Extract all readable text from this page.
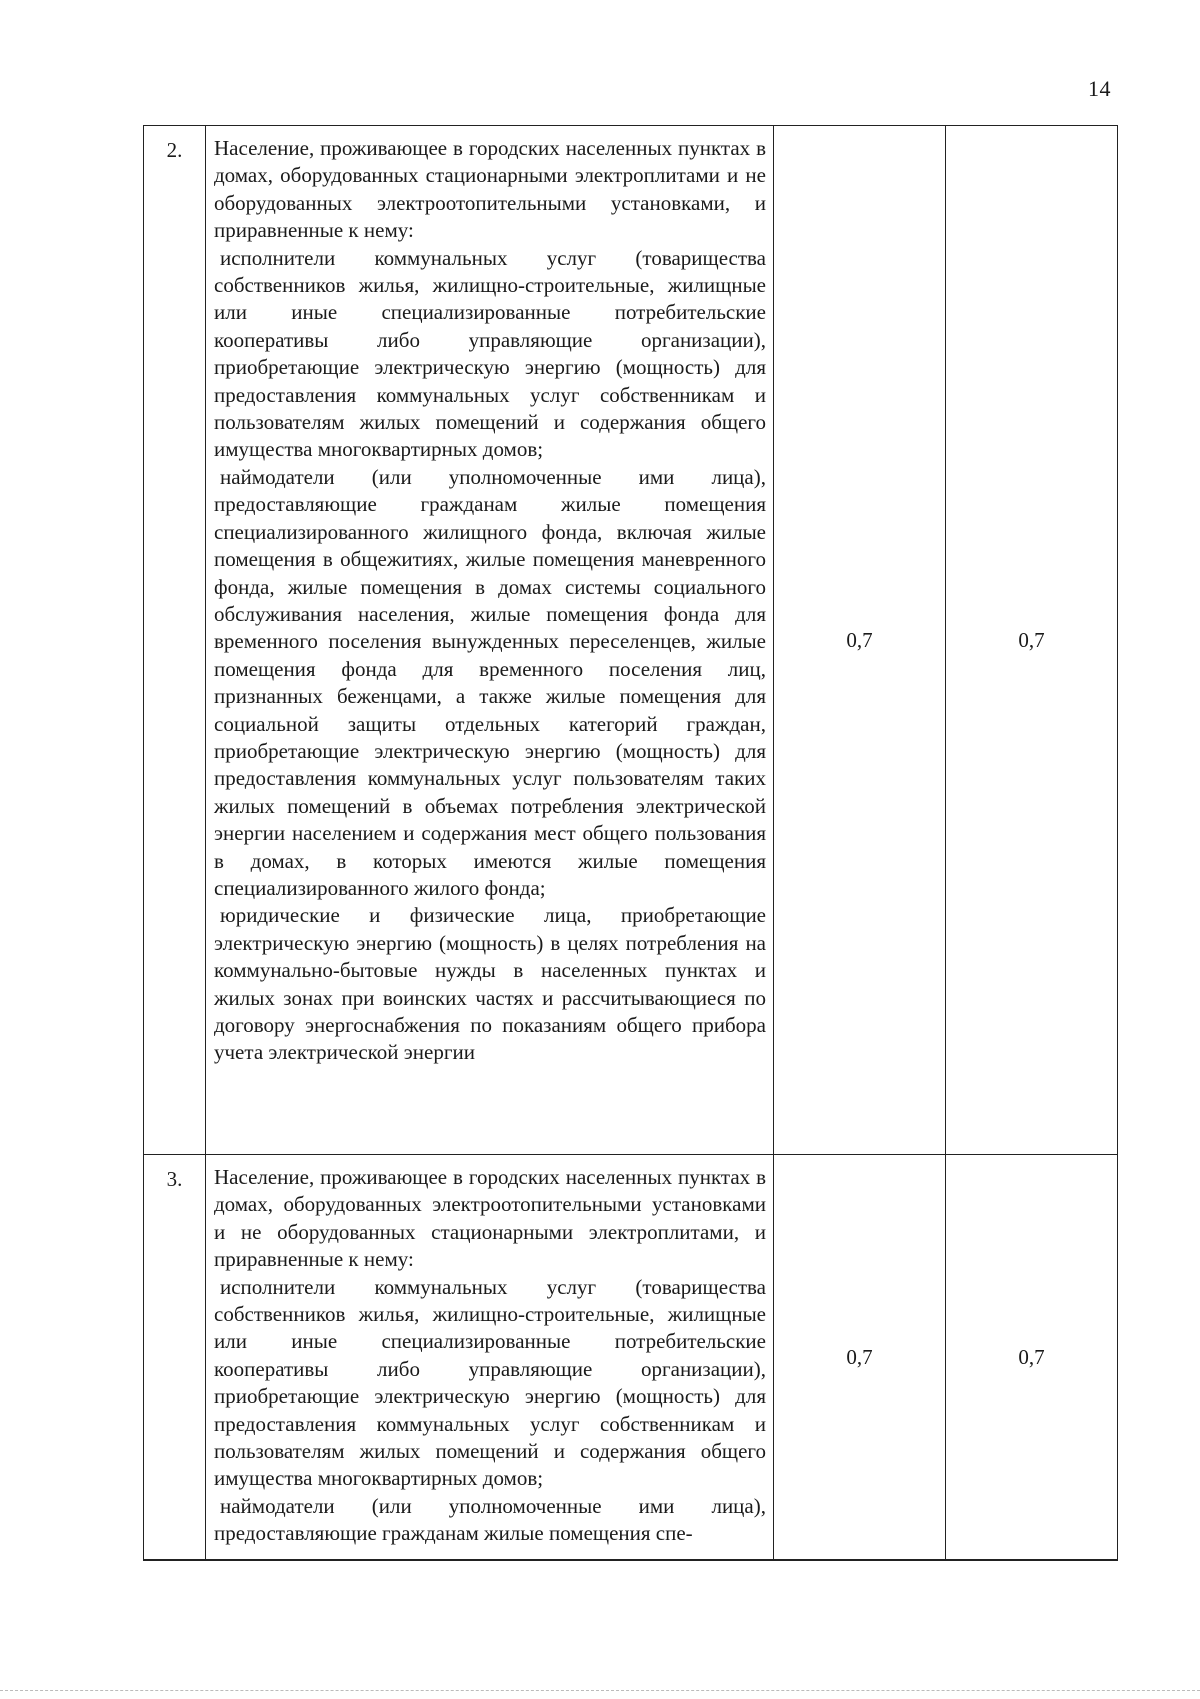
14
2.	Население, проживающее в городских населенных пунктах в домах, оборудованных стационарными электроплитами и не оборудованных электроотопительными установками, и приравненные к нему:

исполнители коммунальных услуг (товарищества собственников жилья, жилищно-строительные, жилищные или иные специализированные потребительские кооперативы либо управляющие организации), приобретающие электрическую энергию (мощность) для предоставления коммунальных услуг собственникам и пользователям жилых помещений и содержания общего имущества многоквартирных домов;

наймодатели (или уполномоченные ими лица), предоставляющие гражданам жилые помещения специализированного жилищного фонда, включая жилые помещения в общежитиях, жилые помещения маневренного фонда, жилые помещения в домах системы социального обслуживания населения, жилые помещения фонда для временного поселения вынужденных переселенцев, жилые помещения фонда для временного поселения лиц, признанных беженцами, а также жилые помещения для социальной защиты отдельных категорий граждан, приобретающие электрическую энергию (мощность) для предоставления коммунальных услуг пользователям таких жилых помещений в объемах потребления электрической энергии населением и содержания мест общего пользования в домах, в которых имеются жилые помещения специализированного жилого фонда;

юридические и физические лица, приобретающие электрическую энергию (мощность) в целях потребления на коммунально-бытовые нужды в населенных пунктах и жилых зонах при воинских частях и рассчитывающиеся по договору энергоснабжения по показаниям общего прибора учета электрической энергии	0,7	0,7
3.	Население, проживающее в городских населенных пунктах в домах, оборудованных электроотопительными установками и не оборудованных стационарными электроплитами, и приравненные к нему:

исполнители коммунальных услуг (товарищества собственников жилья, жилищно-строительные, жилищные или иные специализированные потребительские кооперативы либо управляющие организации), приобретающие электрическую энергию (мощность) для предоставления коммунальных услуг собственникам и пользователям жилых помещений и содержания общего имущества многоквартирных домов;

наймодатели (или уполномоченные ими лица), предоставляющие гражданам жилые помещения спе-	0,7	0,7
